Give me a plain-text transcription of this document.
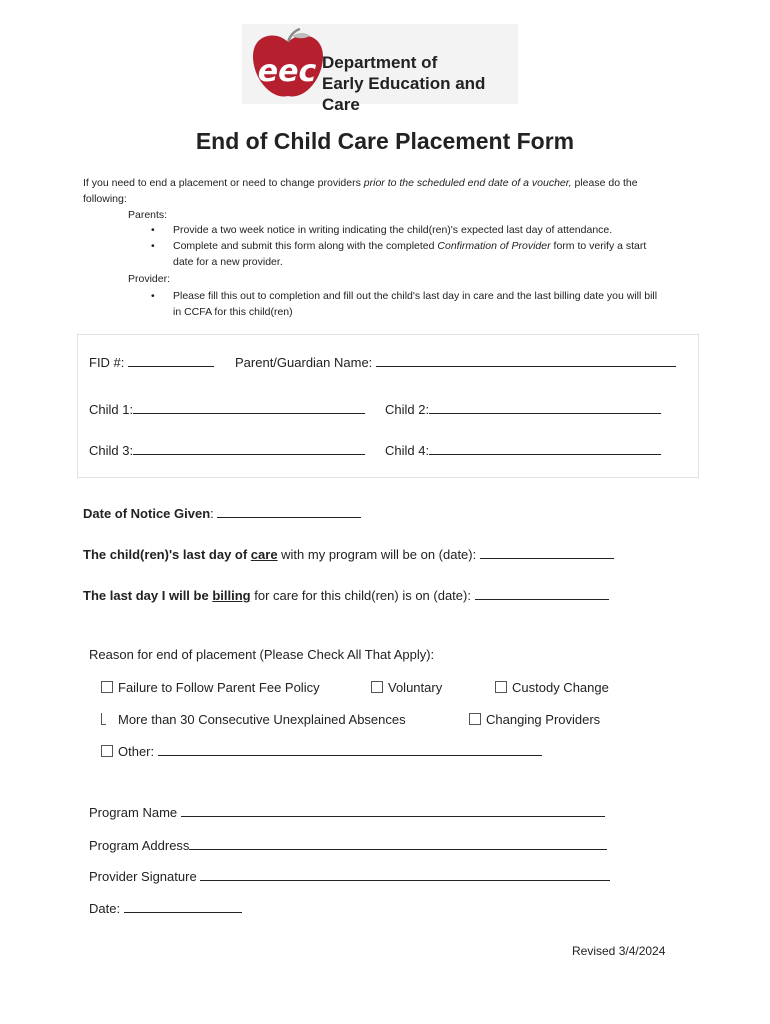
eec Department of
Early Education and Care
End of Child Care Placement Form
If you need to end a placement or need to change providers prior to the scheduled end date of a voucher, please do the
following:
Parents:
• Provide a two week notice in writing indicating the child(ren)'s expected last day of attendance.
• Complete and submit this form along with the completed Confirmation of Provider form to verify a start
date for a new provider.
Provider:
• Please fill this out to completion and fill out the child's last day in care and the last billing date you will bill
in CCFA for this child(ren)
FID #:	Parent/Guardian Name:
Child 1:	Child 2:
Child 3:	Child 4:
Date of Notice Given:
The child(ren)'s last day of care with my program will be on (date):
The last day I will be billing for care for this child(ren) is on (date):
Reason for end of placement (Please Check All That Apply):
Failure to Follow Parent Fee Policy	Voluntary	Custody Change
More than 30 Consecutive Unexplained Absences	Changing Providers
Other:
Program Name
Program Address
Provider Signature
Date:
Revised 3/4/2024
